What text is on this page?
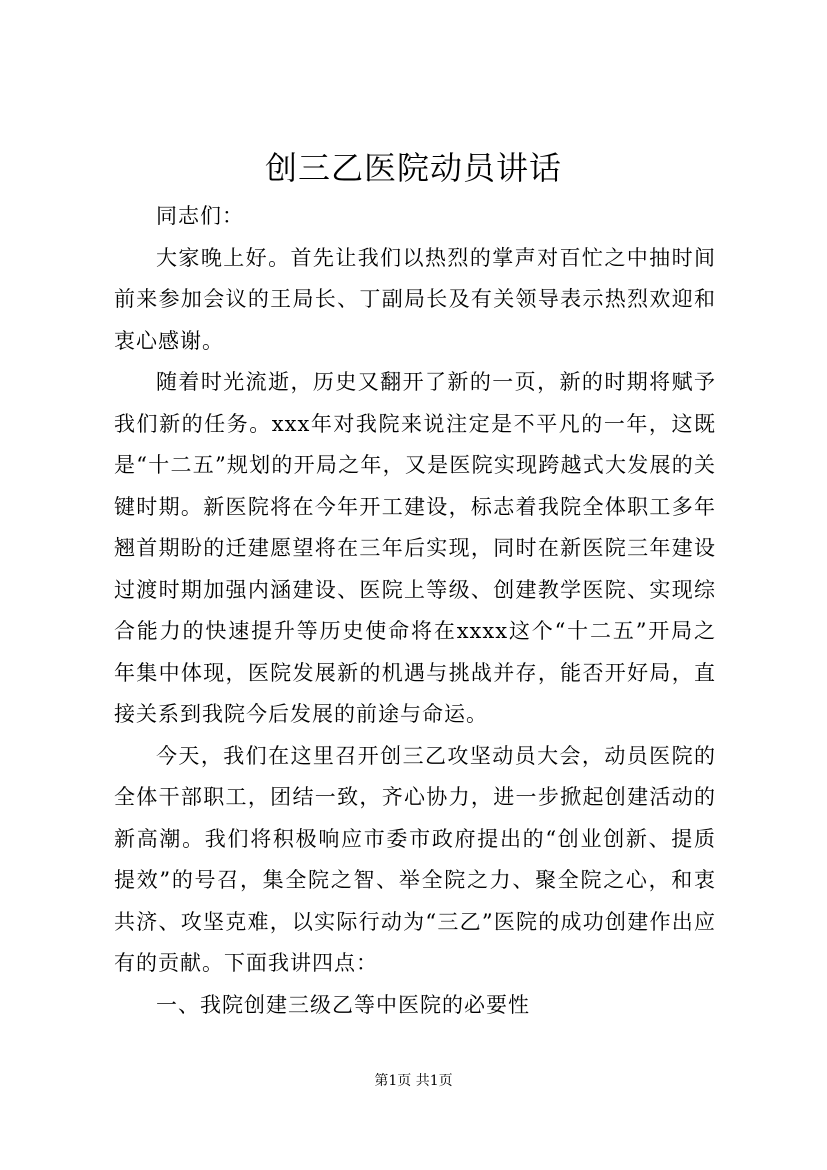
创三乙医院动员讲话

同志们：

大家晚上好。首先让我们以热烈的掌声对百忙之中抽时间前来参加会议的王局长、丁副局长及有关领导表示热烈欢迎和衷心感谢。

随着时光流逝，历史又翻开了新的一页，新的时期将赋予我们新的任务。xxx年对我院来说注定是不平凡的一年，这既是“十二五”规划的开局之年，又是医院实现跨越式大发展的关键时期。新医院将在今年开工建设，标志着我院全体职工多年翘首期盼的迁建愿望将在三年后实现，同时在新医院三年建设过渡时期加强内涵建设、医院上等级、创建教学医院、实现综合能力的快速提升等历史使命将在xxxx这个“十二五”开局之年集中体现，医院发展新的机遇与挑战并存，能否开好局，直接关系到我院今后发展的前途与命运。

今天，我们在这里召开创三乙攻坚动员大会，动员医院的全体干部职工，团结一致，齐心协力，进一步掀起创建活动的新高潮。我们将积极响应市委市政府提出的“创业创新、提质提效”的号召，集全院之智、举全院之力、聚全院之心，和衷共济、攻坚克难，以实际行动为“三乙”医院的成功创建作出应有的贡献。下面我讲四点：

一、我院创建三级乙等中医院的必要性

第1页 共1页
